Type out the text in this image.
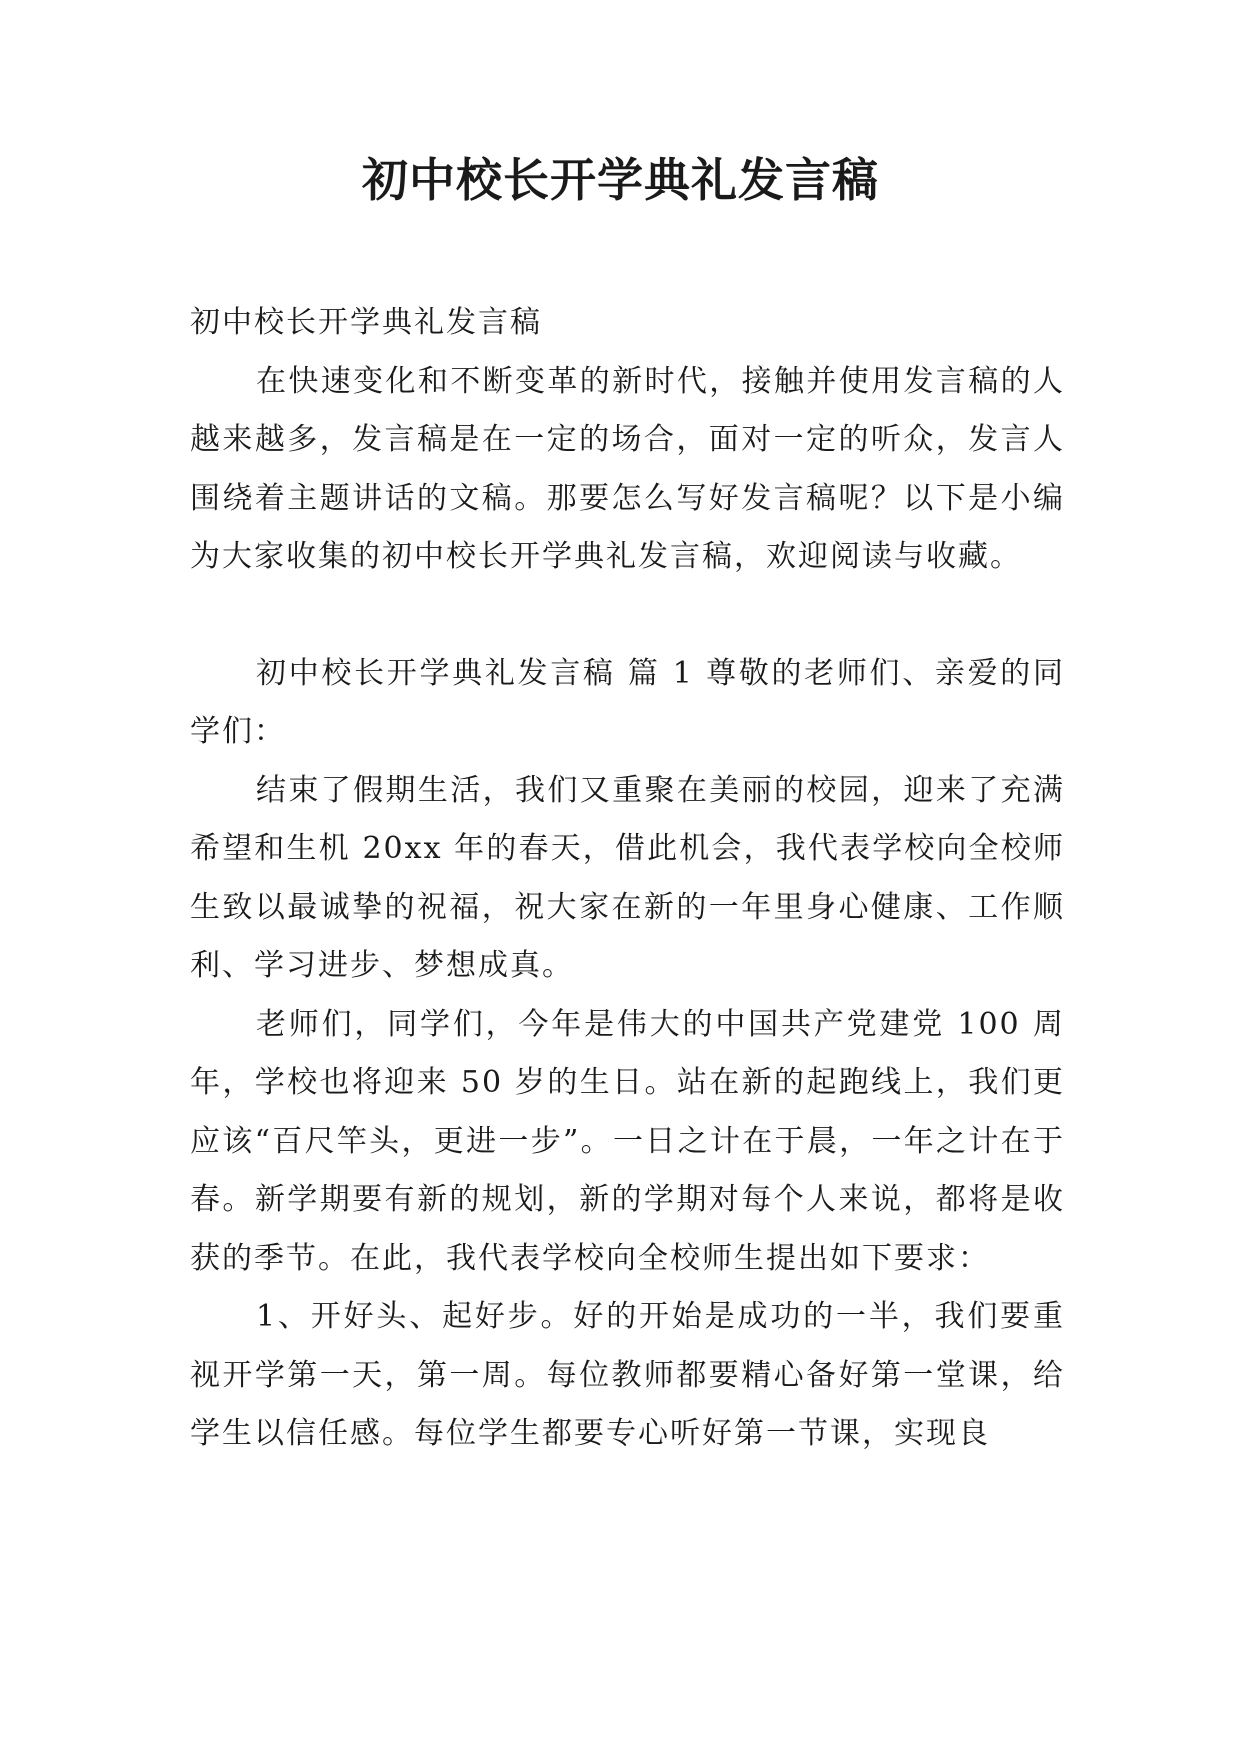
初中校长开学典礼发言稿

初中校长开学典礼发言稿

在快速变化和不断变革的新时代，接触并使用发言稿的人越来越多，发言稿是在一定的场合，面对一定的听众，发言人围绕着主题讲话的文稿。那要怎么写好发言稿呢？以下是小编为大家收集的初中校长开学典礼发言稿，欢迎阅读与收藏。

初中校长开学典礼发言稿 篇 1 尊敬的老师们、亲爱的同学们：

结束了假期生活，我们又重聚在美丽的校园，迎来了充满希望和生机 20xx 年的春天，借此机会，我代表学校向全校师生致以最诚挚的祝福，祝大家在新的一年里身心健康、工作顺利、学习进步、梦想成真。

老师们，同学们，今年是伟大的中国共产党建党 100 周年，学校也将迎来 50 岁的生日。站在新的起跑线上，我们更应该“百尺竿头，更进一步”。一日之计在于晨，一年之计在于春。新学期要有新的规划，新的学期对每个人来说，都将是收获的季节。在此，我代表学校向全校师生提出如下要求：

1、开好头、起好步。好的开始是成功的一半，我们要重视开学第一天，第一周。每位教师都要精心备好第一堂课，给学生以信任感。每位学生都要专心听好第一节课，实现良
